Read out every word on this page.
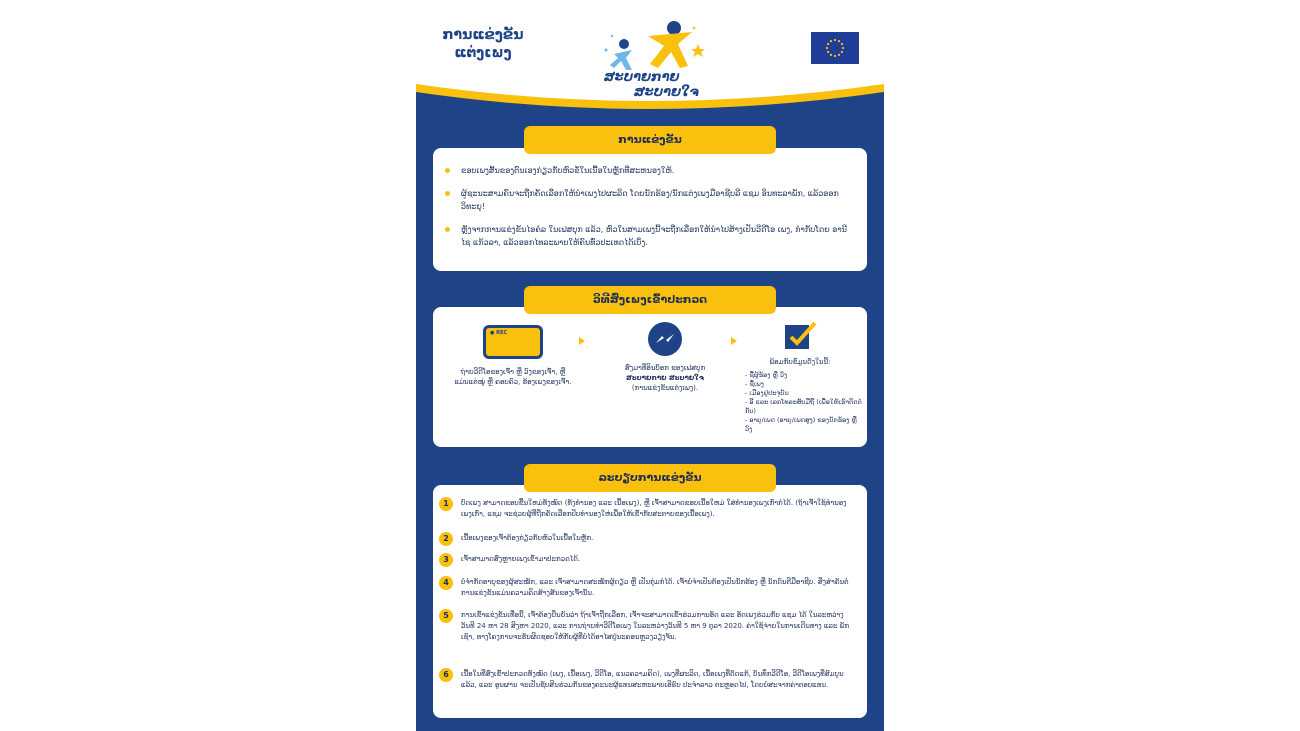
ການແຂ່ງຂັນ ແຕ່ງເພງ
ສະບາຍກາຍ
ສະບາຍໃຈ
ການແຂ່ງຂັນ
ຂອບເພງສັ້ນຂອງຕົນເອງກ່ຽວກັບຫົວຂໍ້ໃນເນື້ອໃນຫຼັກທີ່ສະຫນອງໃຫ້.
ຜູ້ຊະນະສາມຄົນຈະຖືກຄັດເລືອກໃຫ້ນໍາເພງໄປຜະລິດ ໂດຍນັກຮ້ອງ/ນັກແຕ່ງເພງມືອາຊີບລີ ແຊມ ອິນທະລາພັກ, ແລ້ວອອກວິທະຍຸ!
ຫຼັງຈາກການແຂ່ງຂັນໄອຄໍລ ໃນເຟສບຸກ ແລ້ວ, ຫົວໃນສາມເພງນີ້ຈະຖືກເລືອກໃຫ້ນໍາໄປສ້າງເປັນວີດີໂອ ເພງ, ກໍາກັບໂດຍ ອານີໄຊ ແກ້ວລາ, ແລ້ວອອກໄທລະພາບໃຫ້ຄົນທົ່ວປະເທດໄດ້ເບິ່ງ.
ວິທີສົ່ງເພງເຂົ້າປະກວດ
● REC
ຖ່າຍວີດີໂອຂອງເຈົ້າ ຫຼື ວົງຂອງເຈົ້າ, ຫຼື ແມ່ນແຕ່ໝູ່ ຫຼື ຄອບຄົວ, ຮ້ອງເພງຂອງເຈົ້າ.
ສົ່ງມາທີ່ອິນບັອກ ຂອງເຟສບຸກ
ສະບາຍກາຍ ສະບາຍໃຈ
(ການແຂ່ງຂັນແຕ່ງເພງ).
ພ້ອມກັບຂໍ້ມູນດັ່ງໃນນີ້:
- ຊື່ຜູ້ຮ້ອງ ຫຼື ວົງ
- ຊື່ເພງ
- ເມືອງຢູ່ປະຈຸບັນ
- ອີ ແລະ ເລກໂທລະສັບມືຖື (ເພື່ອໃຫ້ເຮົາຕິດຕໍ່ກັບ)
- ອາຍຸ/ເພດ (ອາຍຸ/ເພດສູງ) ຂອງນັກຮ້ອງ ຫຼື ວົງ
ລະບຽບການແຂ່ງຂັນ
1	ບົດເພງ ສາມາດຂອບຂື້ນໃຫມ່ທັງໝົດ (ທັງທໍານອງ ແລະ ເນື້ອເພງ), ຫຼື ເຈົ້າສາມາດຂອບເນື້ອໃຫມ່ ໃສ່ທໍານອງເພງເກົ່າກໍໄດ້. (ຖ້າເຈົ້າໃຊ້ທໍານອງເພງເກົ່າ, ແຊມ ຈະຊ່ວຍຜູ້ທີ່ຖືກຄັດເລືອກປັບທໍານອງໃຫ່ເພື່ອໃຫ້ເຂົ້າກັບສະຕາຍຂອງເນື້ອເພງ).
2	ເນື້ອເພງຂອງເຈົ້າຕ້ອງກ່ຽວກັບຫົວໃນເນື້ອໃນຫຼັກ.
3	ເຈົ້າສາມາດສົ່ງຫຼາຍເພງເຂົ້າມາປະກວດໄດ້.
4	ບໍ່ຈໍາກັດອາຍຸຂອງຜູ້ສະໝັກ, ແລະ ເຈົ້າສາມາດສະໝັກຜູ້ດຽວ ຫຼື ເປັນກຸ່ມກໍໄດ້. ເຈົ້າບໍ່ຈໍາເປັນຕ້ອງເປັນນັກຮ້ອງ ຫຼື ນັກດົນຕີມືອາຊີບ. ສິ່ງສໍາຄັນຕໍ່ການແຂ່ງຂັນແມ່ນຄວາມຄິດສ້າງສັນຂອງເຈົ້ານັ້ນ.
5	ການເຂົ້າແຂ່ງຂັນເທື່ອນີ້, ເຈົ້າຕ້ອງຍືນຍັນວ່າ ຖ້າເຈົ້າຖືກເລືອກ, ເຈົ້າຈະສາມາດເຂົ້າຮ່ວມການອັດ ແລະ ອັດເພງຮ່ວມກັບ ແຊມ ໄດ້ ໃນລະຫວ່າງວັນທີ 24 ຫາ 28 ສິງຫາ 2020, ແລະ ການຖ່າຍທໍາວີດີໂອເພງ ໃນລະຫວ່າງວັນທີ 5 ຫາ 9 ຕຸລາ 2020. ຄ່າໃຊ້ຈ່າຍໃນການເດີນທາງ ແລະ ພັກເຊົາ, ທາງໂຄງການຈະຮັບຜິດຊອບໃຫ້ກັບຜູ້ທີ່ບໍ່ໄດ້ອາໄສຢູ່ນະຄອນຫຼວງວຽງຈັນ.
6	ເນື້ອໃນທີ່ສົ່ງເຂົ້າປະກວດທັງໝົດ (ເພງ, ເນື້ອເພງ, ວີດີໂອ, ແນວຄວາມຄິດ), ເພງທີ່ຜະລິດ, ເນື້ອເພງທີ່ດັດແກ້, ບັນທຶກວີດີໂອ, ວີດີໂອເພງທີ່ສົມບູນແລ້ວ, ແລະ ອູນຜານ ຈະເປັນຊັບສິນຮ່ວມກັນຂອງຄະນະຜູ້ແທນສະຫະພາບເອີຣົບ ປະຈໍາລາວ ຕະຫຼອດໄປ, ໂດຍບໍ່ສະຈາກຄ່າຕອບແທນ.
